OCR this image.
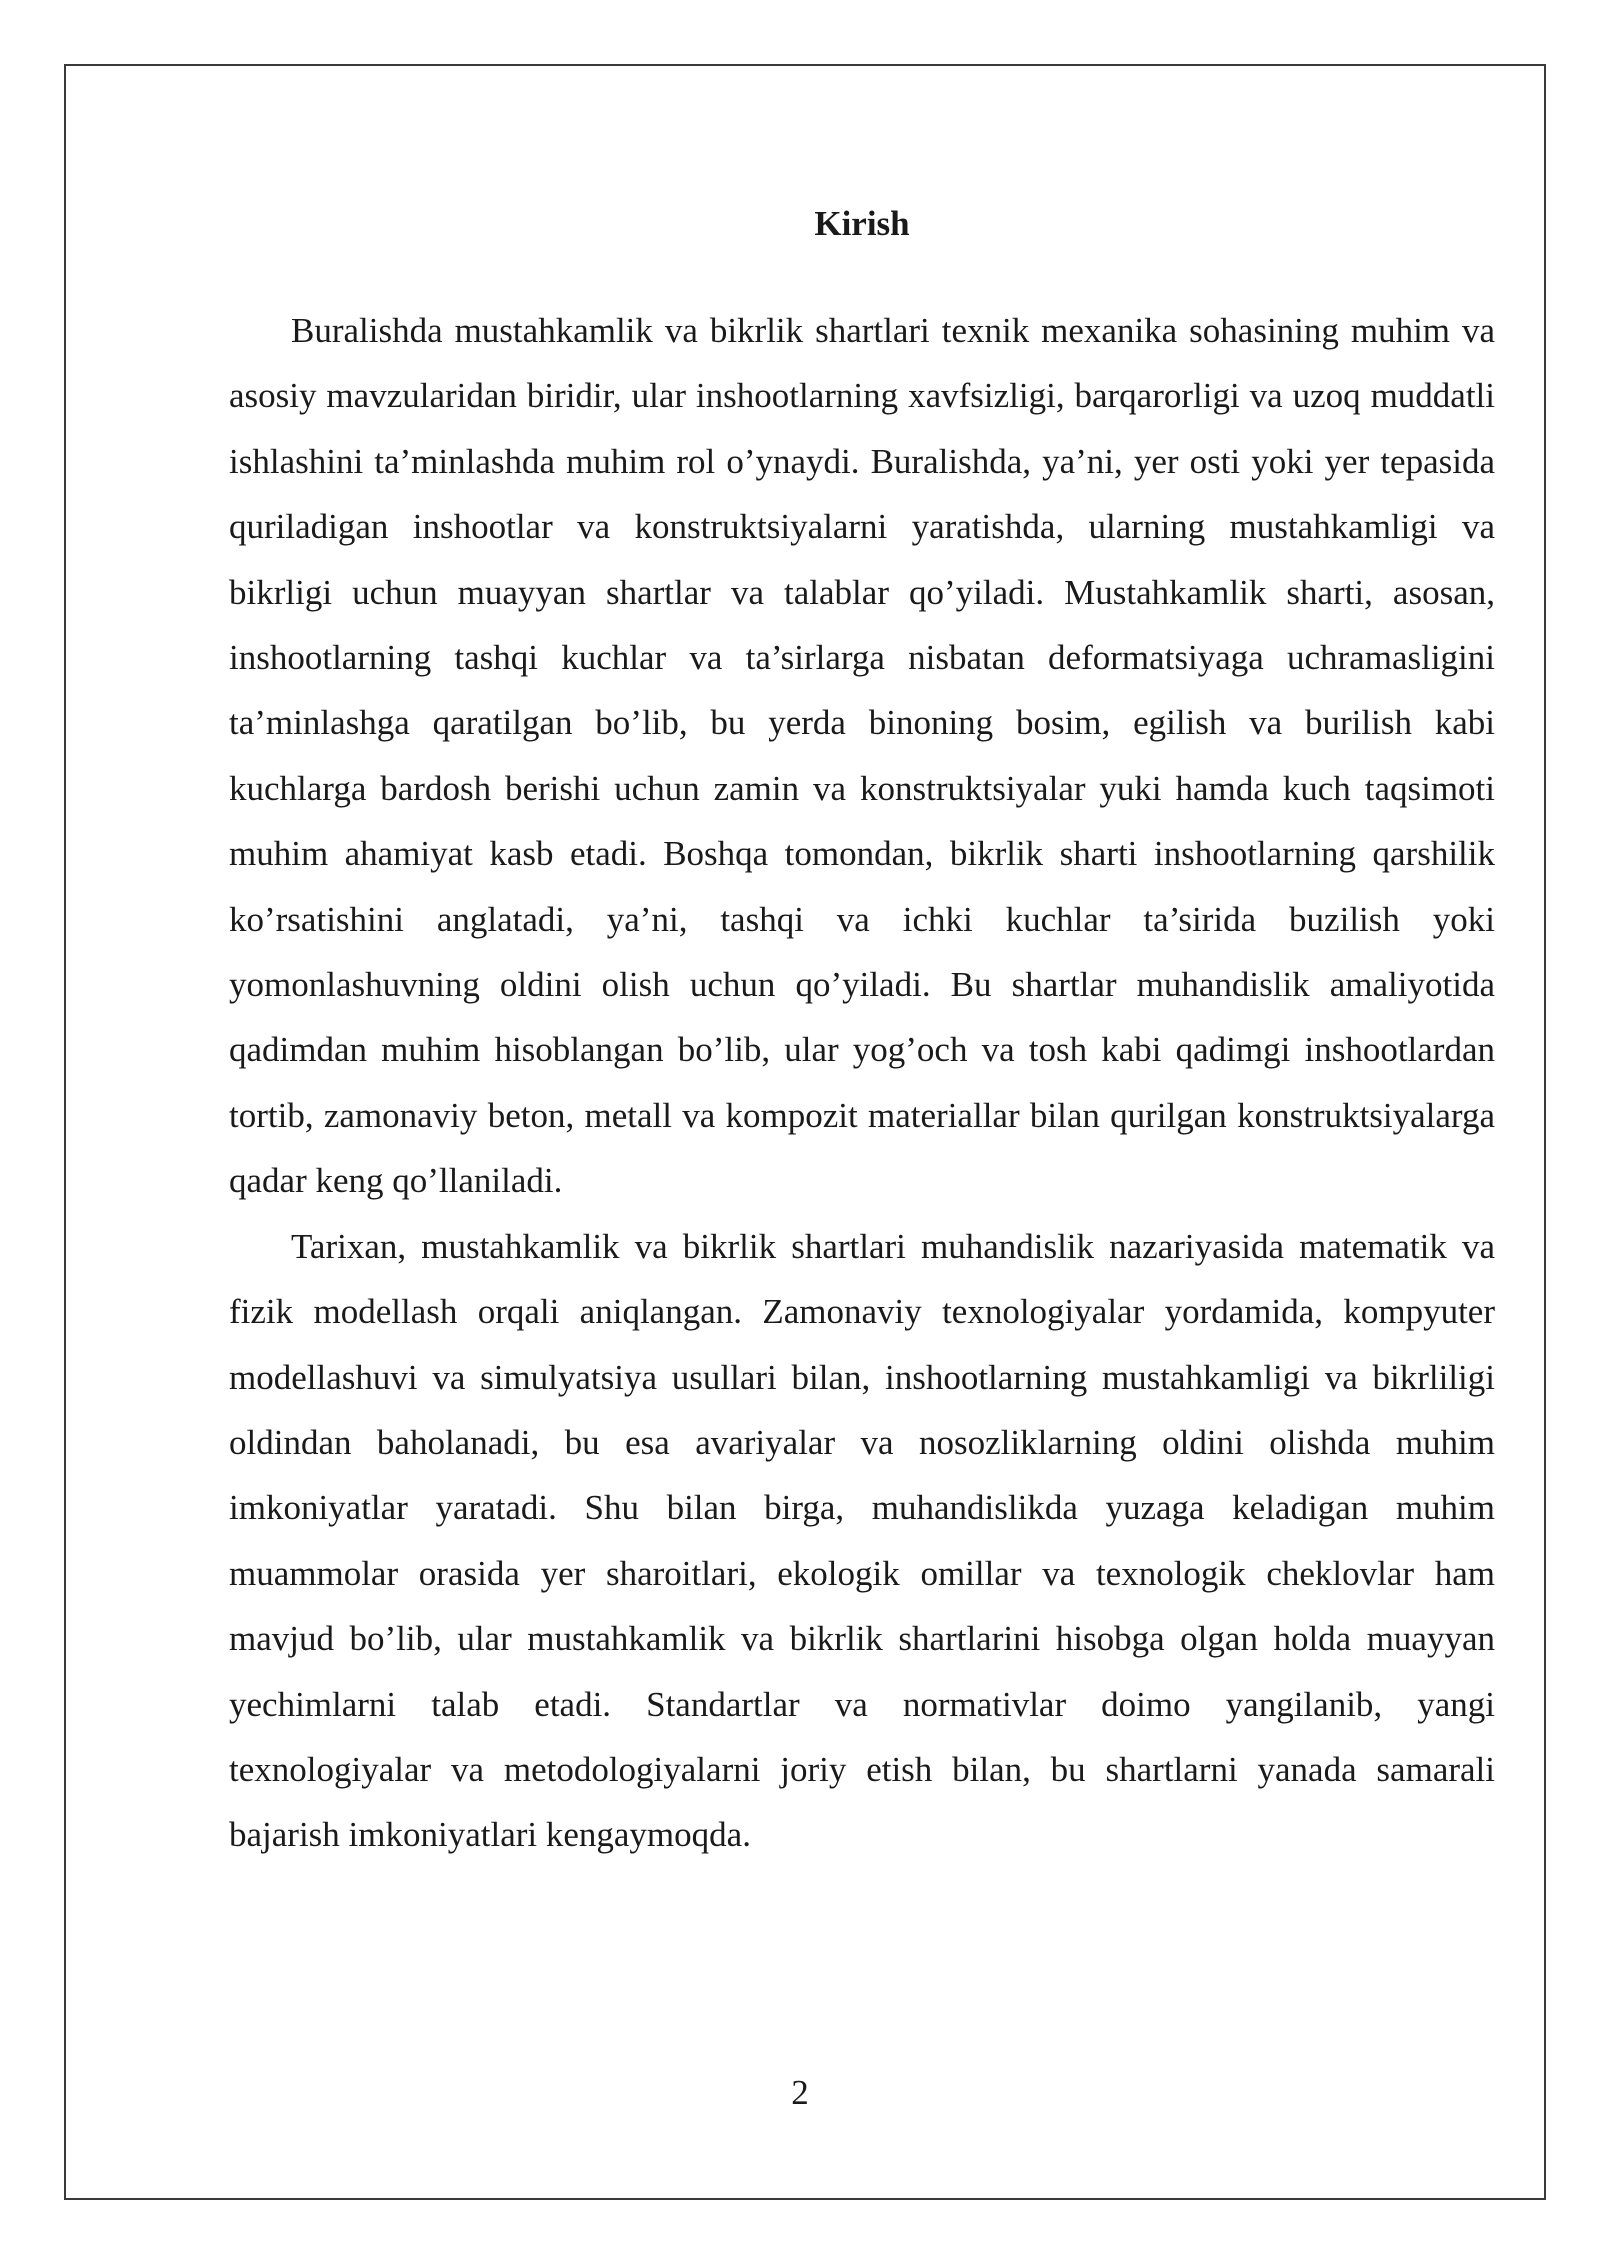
Kirish

Buralishda mustahkamlik va bikrlik shartlari texnik mexanika sohasining muhim va asosiy mavzularidan biridir, ular inshootlarning xavfsizligi, barqarorligi va uzoq muddatli ishlashini ta’minlashda muhim rol o’ynaydi. Buralishda, ya’ni, yer osti yoki yer tepasida quriladigan inshootlar va konstruktsiyalarni yaratishda, ularning mustahkamligi va bikrligi uchun muayyan shartlar va talablar qo’yiladi. Mustahkamlik sharti, asosan, inshootlarning tashqi kuchlar va ta’sirlarga nisbatan deformatsiyaga uchramasligini ta’minlashga qaratilgan bo’lib, bu yerda binoning bosim, egilish va burilish kabi kuchlarga bardosh berishi uchun zamin va konstruktsiyalar yuki hamda kuch taqsimoti muhim ahamiyat kasb etadi. Boshqa tomondan, bikrlik sharti inshootlarning qarshilik ko’rsatishini anglatadi, ya’ni, tashqi va ichki kuchlar ta’sirida buzilish yoki yomonlashuvning oldini olish uchun qo’yiladi. Bu shartlar muhandislik amaliyotida qadimdan muhim hisoblangan bo’lib, ular yog’och va tosh kabi qadimgi inshootlardan tortib, zamonaviy beton, metall va kompozit materiallar bilan qurilgan konstruktsiyalarga qadar keng qo’llaniladi.

Tarixan, mustahkamlik va bikrlik shartlari muhandislik nazariyasida matematik va fizik modellash orqali aniqlangan. Zamonaviy texnologiyalar yordamida, kompyuter modellashuvi va simulyatsiya usullari bilan, inshootlarning mustahkamligi va bikrliligi oldindan baholanadi, bu esa avariyalar va nosozliklarning oldini olishda muhim imkoniyatlar yaratadi. Shu bilan birga, muhandislikda yuzaga keladigan muhim muammolar orasida yer sharoitlari, ekologik omillar va texnologik cheklovlar ham mavjud bo’lib, ular mustahkamlik va bikrlik shartlarini hisobga olgan holda muayyan yechimlarni talab etadi. Standartlar va normativlar doimo yangilanib, yangi texnologiyalar va metodologiyalarni joriy etish bilan, bu shartlarni yanada samarali bajarish imkoniyatlari kengaymoqda.

2
